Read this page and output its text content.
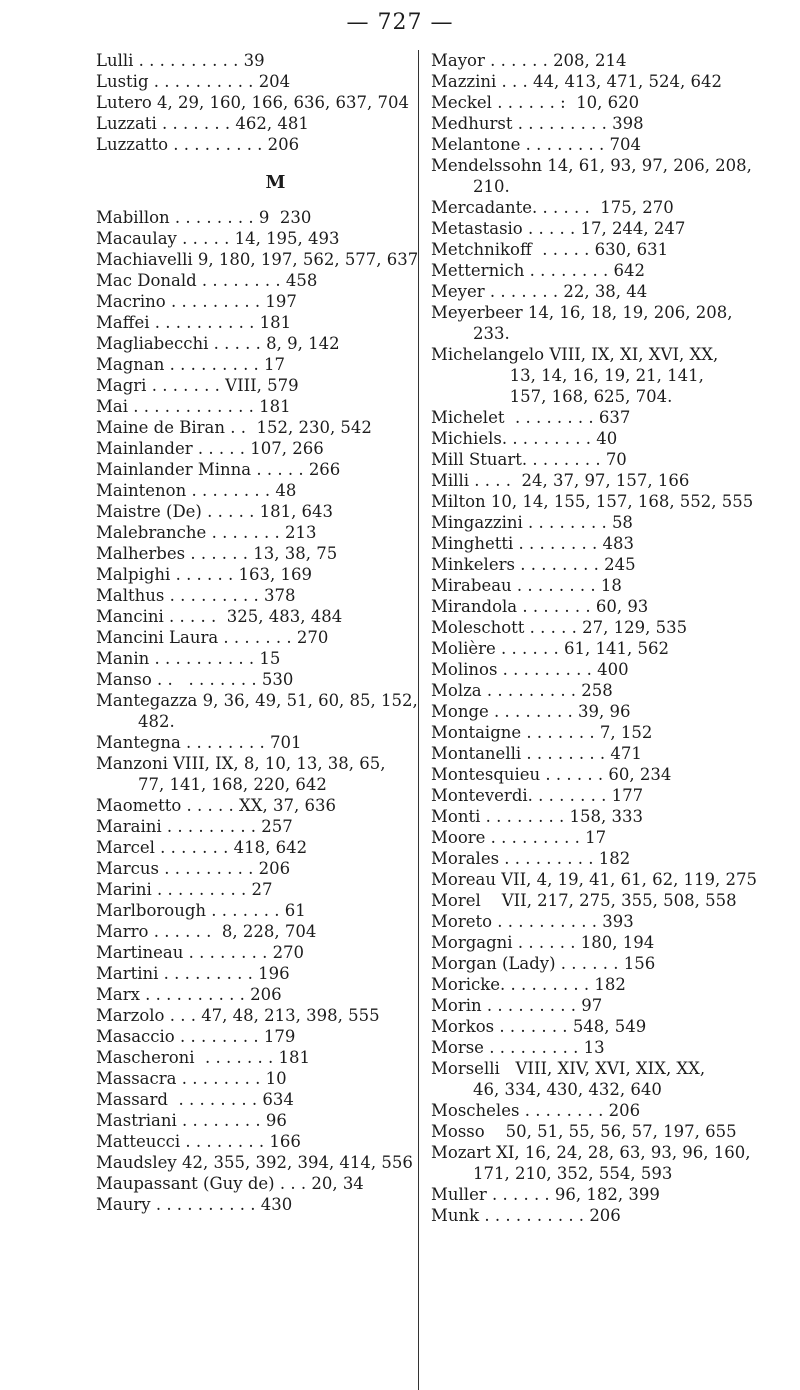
— 727 —
Lulli . . . . . . . . . . 39
Lustig . . . . . . . . . . 204
Lutero 4, 29, 160, 166, 636, 637, 704
Luzzati . . . . . . . 462, 481
Luzzatto . . . . . . . . . 206
M
Mabillon . . . . . . . . 9  230
Macaulay . . . . . 14, 195, 493
Machiavelli 9, 180, 197, 562, 577, 637
Mac Donald . . . . . . . . 458
Macrino . . . . . . . . . 197
Maffei . . . . . . . . . . 181
Magliabecchi . . . . . 8, 9, 142
Magnan . . . . . . . . . 17
Magri . . . . . . . VIII, 579
Mai . . . . . . . . . . . . 181
Maine de Biran . .  152, 230, 542
Mainlander . . . . . 107, 266
Mainlander Minna . . . . . 266
Maintenon . . . . . . . . 48
Maistre (De) . . . . . 181, 643
Malebranche . . . . . . . 213
Malherbes . . . . . . 13, 38, 75
Malpighi . . . . . . 163, 169
Malthus . . . . . . . . . 378
Mancini . . . . .  325, 483, 484
Mancini Laura . . . . . . . 270
Manin . . . . . . . . . . 15
Manso . .   . . . . . . . 530
Mantegazza 9, 36, 49, 51, 60, 85, 152,
482.
Mantegna . . . . . . . . 701
Manzoni VIII, IX, 8, 10, 13, 38, 65,
77, 141, 168, 220, 642
Maometto . . . . . XX, 37, 636
Maraini . . . . . . . . . 257
Marcel . . . . . . . 418, 642
Marcus . . . . . . . . . 206
Marini . . . . . . . . . 27
Marlborough . . . . . . . 61
Marro . . . . . .  8, 228, 704
Martineau . . . . . . . . 270
Martini . . . . . . . . . 196
Marx . . . . . . . . . . 206
Marzolo . . . 47, 48, 213, 398, 555
Masaccio . . . . . . . . 179
Mascheroni  . . . . . . . 181
Massacra . . . . . . . . 10
Massard  . . . . . . . . 634
Mastriani . . . . . . . . 96
Matteucci . . . . . . . . 166
Maudsley 42, 355, 392, 394, 414, 556
Maupassant (Guy de) . . . 20, 34
Maury . . . . . . . . . . 430
Mayor . . . . . . 208, 214
Mazzini . . . 44, 413, 471, 524, 642
Meckel . . . . . . :  10, 620
Medhurst . . . . . . . . . 398
Melantone . . . . . . . . 704
Mendelssohn 14, 61, 93, 97, 206, 208,
210.
Mercadante. . . . . .  175, 270
Metastasio . . . . . 17, 244, 247
Metchnikoff  . . . . . 630, 631
Metternich . . . . . . . . 642
Meyer . . . . . . . 22, 38, 44
Meyerbeer 14, 16, 18, 19, 206, 208,
233.
Michelangelo VIII, IX, XI, XVI, XX,
13, 14, 16, 19, 21, 141,
157, 168, 625, 704.
Michelet  . . . . . . . . 637
Michiels. . . . . . . . . 40
Mill Stuart. . . . . . . . 70
Milli . . . .  24, 37, 97, 157, 166
Milton 10, 14, 155, 157, 168, 552, 555
Mingazzini . . . . . . . . 58
Minghetti . . . . . . . . 483
Minkelers . . . . . . . . 245
Mirabeau . . . . . . . . 18
Mirandola . . . . . . . 60, 93
Moleschott . . . . . 27, 129, 535
Molière . . . . . . 61, 141, 562
Molinos . . . . . . . . . 400
Molza . . . . . . . . . 258
Monge . . . . . . . . 39, 96
Montaigne . . . . . . . 7, 152
Montanelli . . . . . . . . 471
Montesquieu . . . . . . 60, 234
Monteverdi. . . . . . . . 177
Monti . . . . . . . . 158, 333
Moore . . . . . . . . . 17
Morales . . . . . . . . . 182
Moreau VII, 4, 19, 41, 61, 62, 119, 275
Morel    VII, 217, 275, 355, 508, 558
Moreto . . . . . . . . . . 393
Morgagni . . . . . . 180, 194
Morgan (Lady) . . . . . . 156
Moricke. . . . . . . . . 182
Morin . . . . . . . . . 97
Morkos . . . . . . . 548, 549
Morse . . . . . . . . . 13
Morselli   VIII, XIV, XVI, XIX, XX,
46, 334, 430, 432, 640
Moscheles . . . . . . . . 206
Mosso    50, 51, 55, 56, 57, 197, 655
Mozart XI, 16, 24, 28, 63, 93, 96, 160,
171, 210, 352, 554, 593
Muller . . . . . . 96, 182, 399
Munk . . . . . . . . . . 206
